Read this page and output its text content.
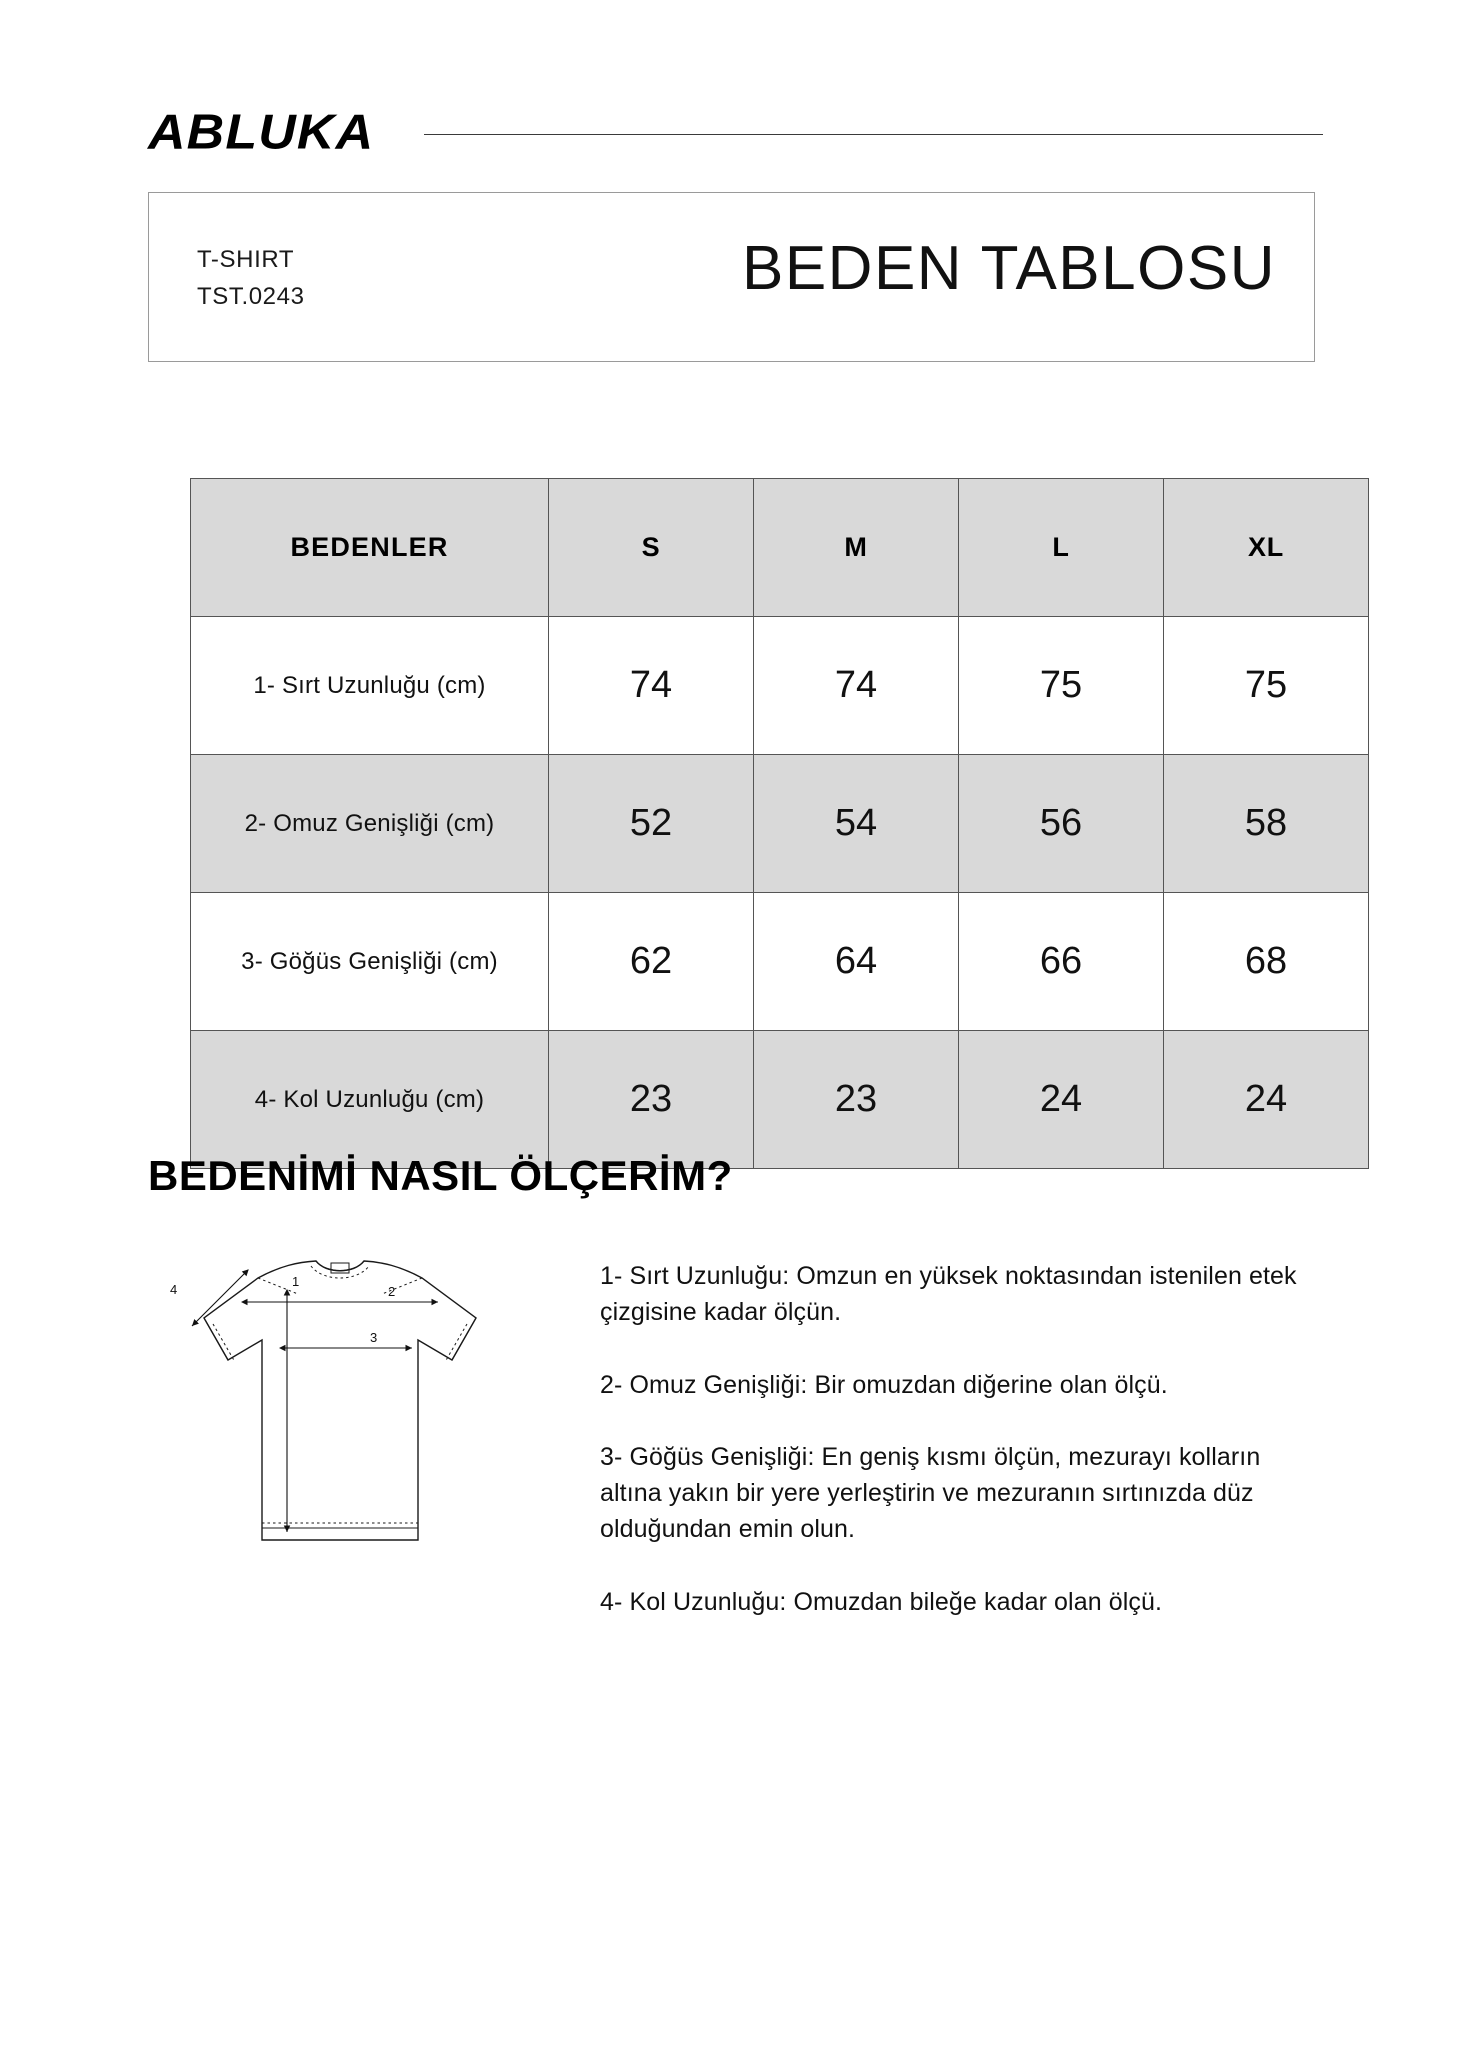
ABLUKA
T-SHIRT
TST.0243	BEDEN TABLOSU
BEDENLER	S	M	L	XL
1- Sırt Uzunluğu (cm)	74	74	75	75
2- Omuz Genişliği (cm)	52	54	56	58
3- Göğüs Genişliği (cm)	62	64	66	68
4- Kol Uzunluğu (cm)	23	23	24	24
BEDENİMİ NASIL ÖLÇERİM?
1
2
3
4	1- Sırt Uzunluğu: Omzun en yüksek noktasından istenilen etek çizgisine kadar ölçün.
2- Omuz Genişliği: Bir omuzdan diğerine olan ölçü.
3- Göğüs Genişliği: En geniş kısmı ölçün, mezurayı kolların altına yakın bir yere yerleştirin ve mezuranın sırtınızda düz olduğundan emin olun.
4- Kol Uzunluğu: Omuzdan bileğe kadar olan ölçü.
